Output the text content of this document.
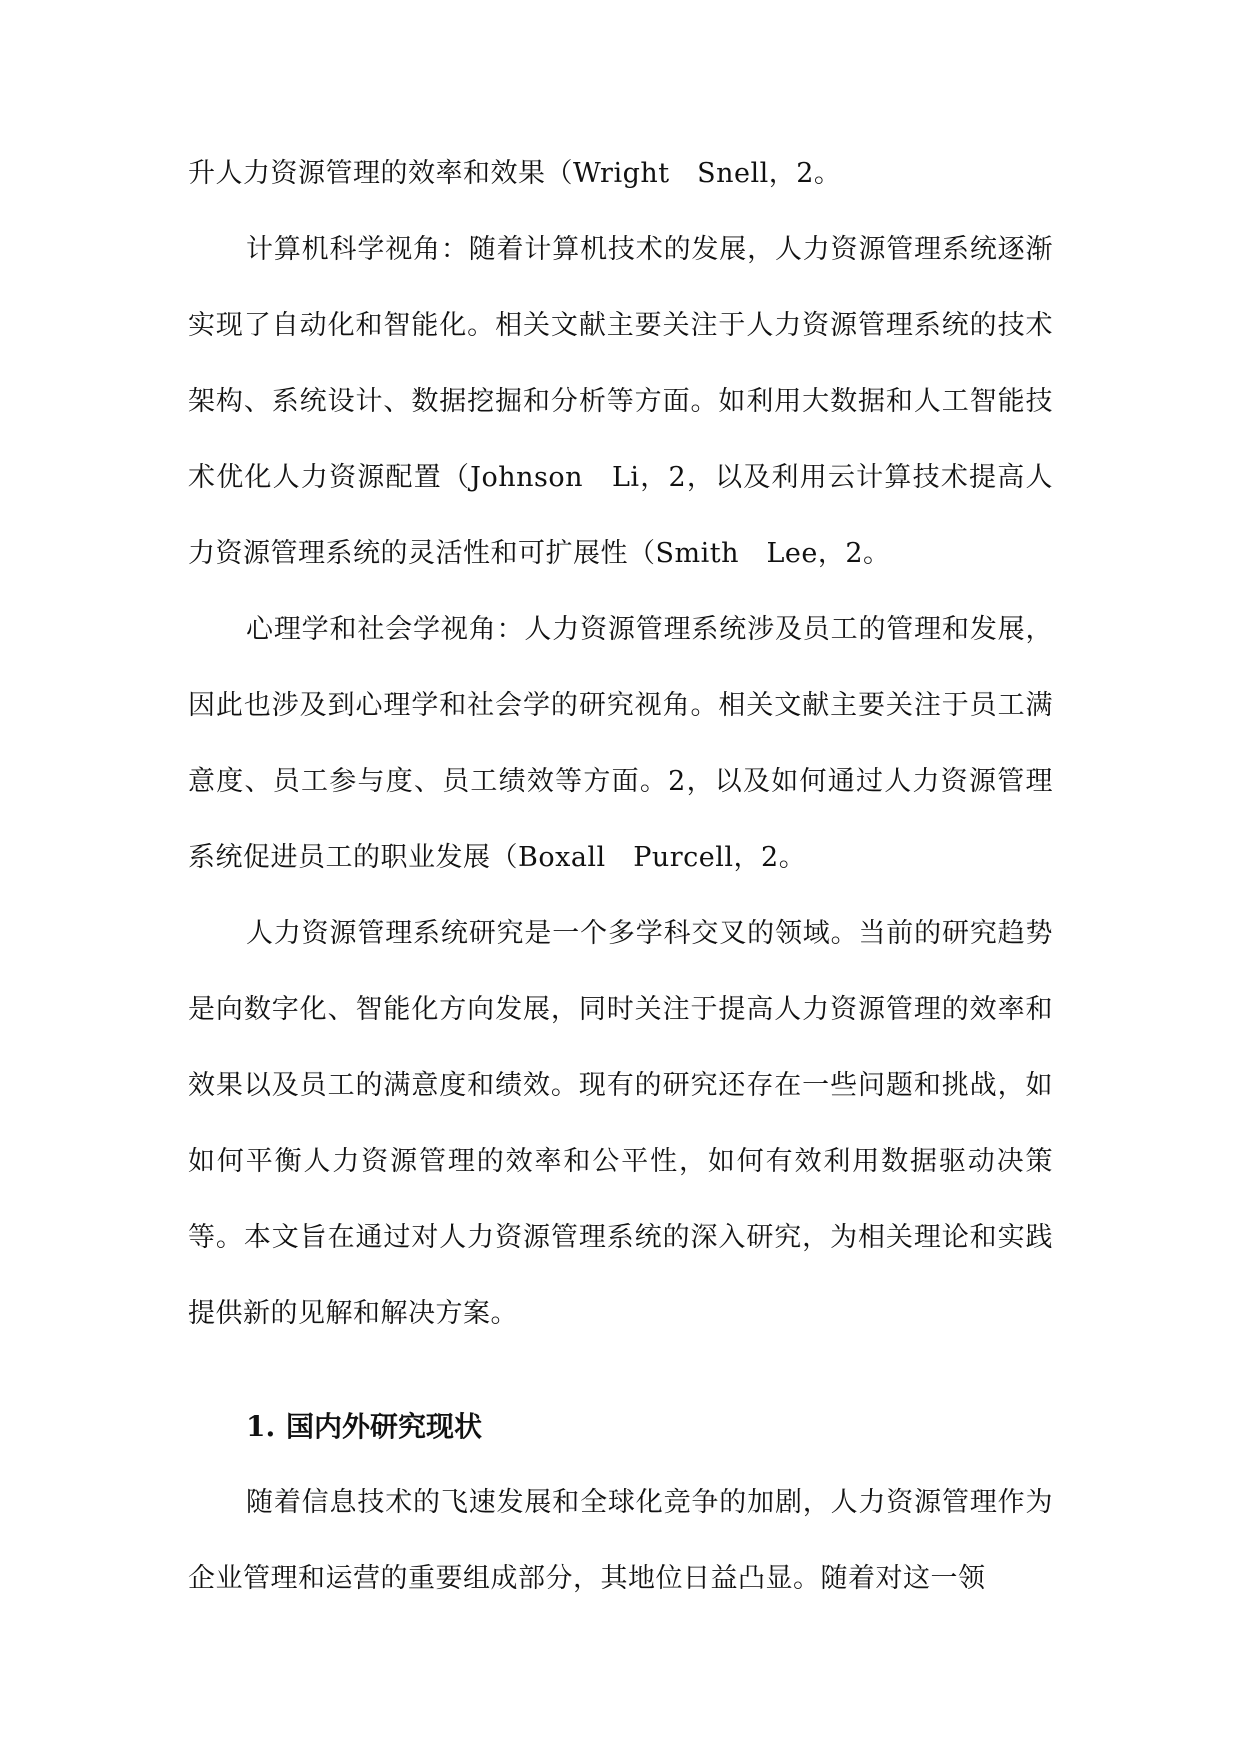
升人力资源管理的效率和效果（Wright　Snell，2。

计算机科学视角：随着计算机技术的发展，人力资源管理系统逐渐实现了自动化和智能化。相关文献主要关注于人力资源管理系统的技术架构、系统设计、数据挖掘和分析等方面。如利用大数据和人工智能技术优化人力资源配置（Johnson　Li，2，以及利用云计算技术提高人力资源管理系统的灵活性和可扩展性（Smith　Lee，2。

心理学和社会学视角：人力资源管理系统涉及员工的管理和发展，因此也涉及到心理学和社会学的研究视角。相关文献主要关注于员工满意度、员工参与度、员工绩效等方面。2，以及如何通过人力资源管理系统促进员工的职业发展（Boxall　Purcell，2。

人力资源管理系统研究是一个多学科交叉的领域。当前的研究趋势是向数字化、智能化方向发展，同时关注于提高人力资源管理的效率和效果以及员工的满意度和绩效。现有的研究还存在一些问题和挑战，如如何平衡人力资源管理的效率和公平性，如何有效利用数据驱动决策等。本文旨在通过对人力资源管理系统的深入研究，为相关理论和实践提供新的见解和解决方案。

1. 国内外研究现状

随着信息技术的飞速发展和全球化竞争的加剧，人力资源管理作为企业管理和运营的重要组成部分，其地位日益凸显。随着对这一领
